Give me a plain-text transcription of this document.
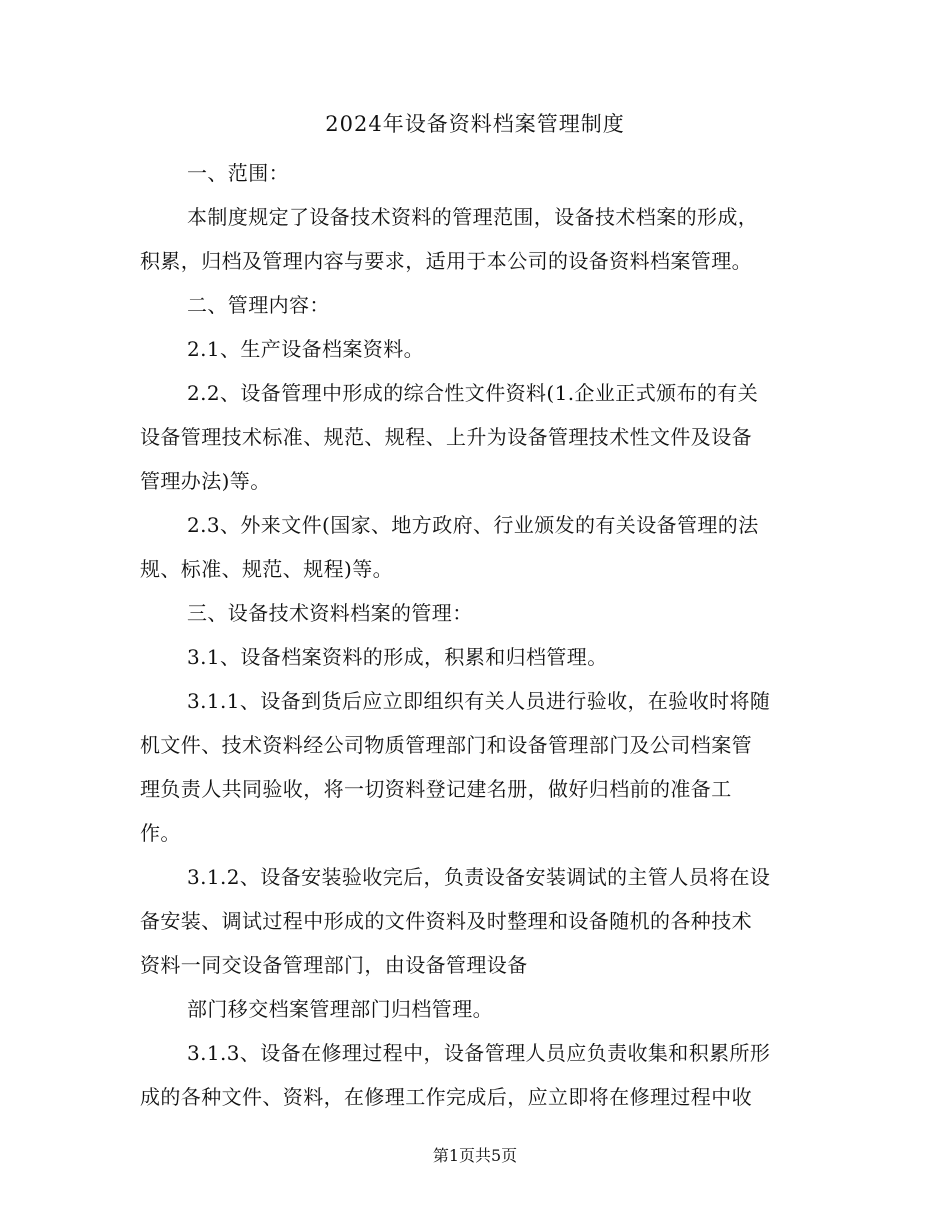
2024年设备资料档案管理制度

一、范围：

本制度规定了设备技术资料的管理范围，设备技术档案的形成，

积累，归档及管理内容与要求，适用于本公司的设备资料档案管理。

二、管理内容：

2.1、生产设备档案资料。

2.2、设备管理中形成的综合性文件资料(1.企业正式颁布的有关

设备管理技术标准、规范、规程、上升为设备管理技术性文件及设备

管理办法)等。

2.3、外来文件(国家、地方政府、行业颁发的有关设备管理的法

规、标准、规范、规程)等。

三、设备技术资料档案的管理：

3.1、设备档案资料的形成，积累和归档管理。

3.1.1、设备到货后应立即组织有关人员进行验收，在验收时将随

机文件、技术资料经公司物质管理部门和设备管理部门及公司档案管

理负责人共同验收，将一切资料登记建名册，做好归档前的准备工

作。

3.1.2、设备安装验收完后，负责设备安装调试的主管人员将在设

备安装、调试过程中形成的文件资料及时整理和设备随机的各种技术

资料一同交设备管理部门，由设备管理设备

部门移交档案管理部门归档管理。

3.1.3、设备在修理过程中，设备管理人员应负责收集和积累所形

成的各种文件、资料，在修理工作完成后，应立即将在修理过程中收

第1页共5页
